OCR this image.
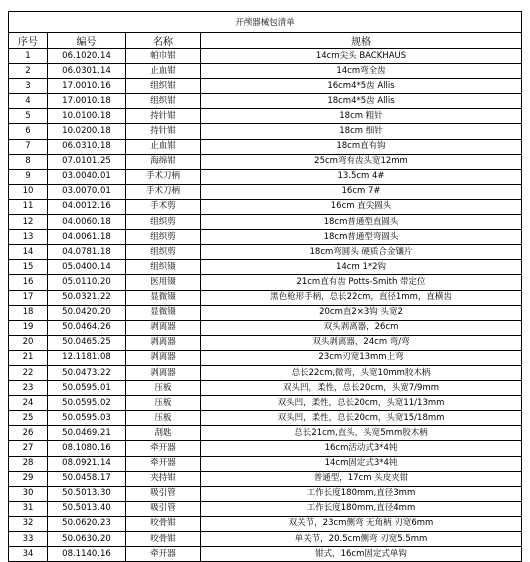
开颅器械包清单			
序号	编号	名称	规格
1	06.1020.14	帕巾钳	14cm尖头 BACKHAUS
2	06.0301.14	止血钳	14cm弯全齿
3	17.0010.16	组织钳	16cm4*5齿 Allis
4	17.0010.18	组织钳	18cm4*5齿 Allis
5	10.0100.18	持针钳	18cm 粗针
6	10.0200.18	持针钳	18cm 细针
7	06.0310.18	止血钳	18cm直有钩
8	07.0101.25	海绵钳	25cm弯有齿头宽12mm
9	03.0040.01	手术刀柄	13.5cm 4#
10	03.0070.01	手术刀柄	16cm 7#
11	04.0012.16	手术剪	16cm 直尖圆头
12	04.0060.18	组织剪	18cm普通型直圆头
13	04.0061.18	组织剪	18cm普通型弯圆头
14	04.0781.18	组织剪	18cm弯圆头 硬质合金镶片
15	05.0400.14	组织镊	14cm 1*2钩
16	05.0110.20	医用镊	21cm直有齿 Potts-Smith 带定位
17	50.0321.22	显微镊	黑色枪形手柄，总长22cm，直径1mm，直横齿
18	50.0420.20	显微镊	20cm直2×3钩 头宽2
19	50.0464.26	剥离器	双头剥离器，26cm
20	50.0465.25	剥离器	双头剥离器，24cm 弯/弯
21	12.1181.08	剥离器	23cm刃宽13mm上弯
22	50.0473.22	剥离器	总长22cm,微弯，头宽10mm胶木柄
23	50.0595.01	压板	双头凹，柔性，总长20cm，头宽7/9mm
24	50.0595.02	压板	双头凹，柔性，总长20cm，头宽11/13mm
25	50.0595.03	压板	双头凹，柔性，总长20cm，头宽15/18mm
26	50.0469.21	刮匙	总长21cm,直头，头宽5mm胶木柄
27	08.1080.16	牵开器	16cm活动式3*4钝
28	08.0921.14	牵开器	14cm固定式3*4钝
29	50.0458.17	夹持钳	普通型，17cm 头皮夹钳
30	50.5013.30	吸引管	工作长度180mm,直径3mm
31	50.5013.40	吸引管	工作长度180mm,直径4mm
32	50.0620.23	咬骨钳	双关节，23cm侧弯 无角柄 刃宽6mm
33	50.0630.20	咬骨钳	单关节，20.5cm侧弯 刃宽5.5mm
34	08.1140.16	牵开器	钳式，16cm固定式单钩
